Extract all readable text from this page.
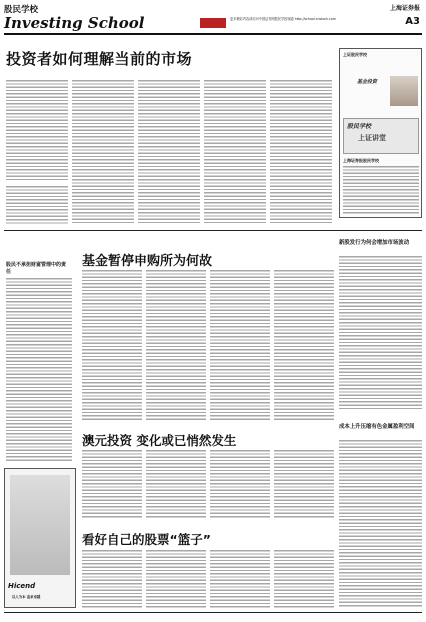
股民学校
Investing School
上海证券报
A3
更多精彩内容请访问中国证券网股民学校频道 http://school.cnstock.com
投资者如何理解当前的市场	上证股民学校
基金投资
股民学校
上证讲堂
上海证券报股民学校
股民不承担财富管理中的责任
基金暂停申购所为何故
澳元投资 变化或已悄然发生
看好自己的股票“篮子”
新股发行为何会增加市场波动
成本上升压缩有色金属盈利空间
Hicend
以人为本 追求卓越
